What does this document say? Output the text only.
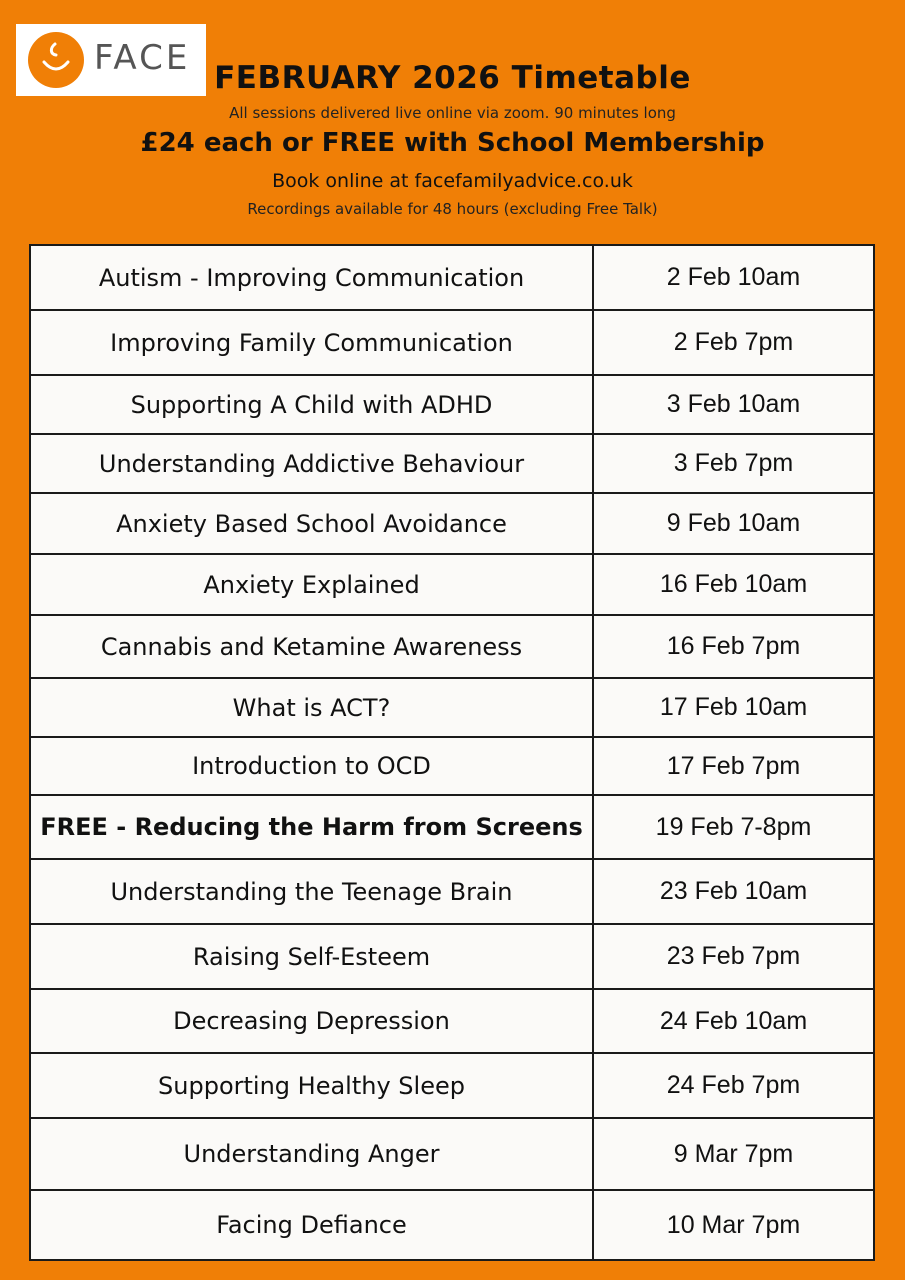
FACE FEBRUARY 2026 Timetable
All sessions delivered live online via zoom. 90 minutes long
£24 each or FREE with School Membership
Book online at facefamilyadvice.co.uk
Recordings available for 48 hours (excluding Free Talk)
Autism - Improving Communication	2 Feb 10am
Improving Family Communication	2 Feb 7pm
Supporting A Child with ADHD	3 Feb 10am
Understanding Addictive Behaviour	3 Feb 7pm
Anxiety Based School Avoidance	9 Feb 10am
Anxiety Explained	16 Feb 10am
Cannabis and Ketamine Awareness	16 Feb 7pm
What is ACT?	17 Feb 10am
Introduction to OCD	17 Feb 7pm
FREE - Reducing the Harm from Screens	19 Feb 7-8pm
Understanding the Teenage Brain	23 Feb 10am
Raising Self-Esteem	23 Feb 7pm
Decreasing Depression	24 Feb 10am
Supporting Healthy Sleep	24 Feb 7pm
Understanding Anger	9 Mar 7pm
Facing Defiance	10 Mar 7pm
